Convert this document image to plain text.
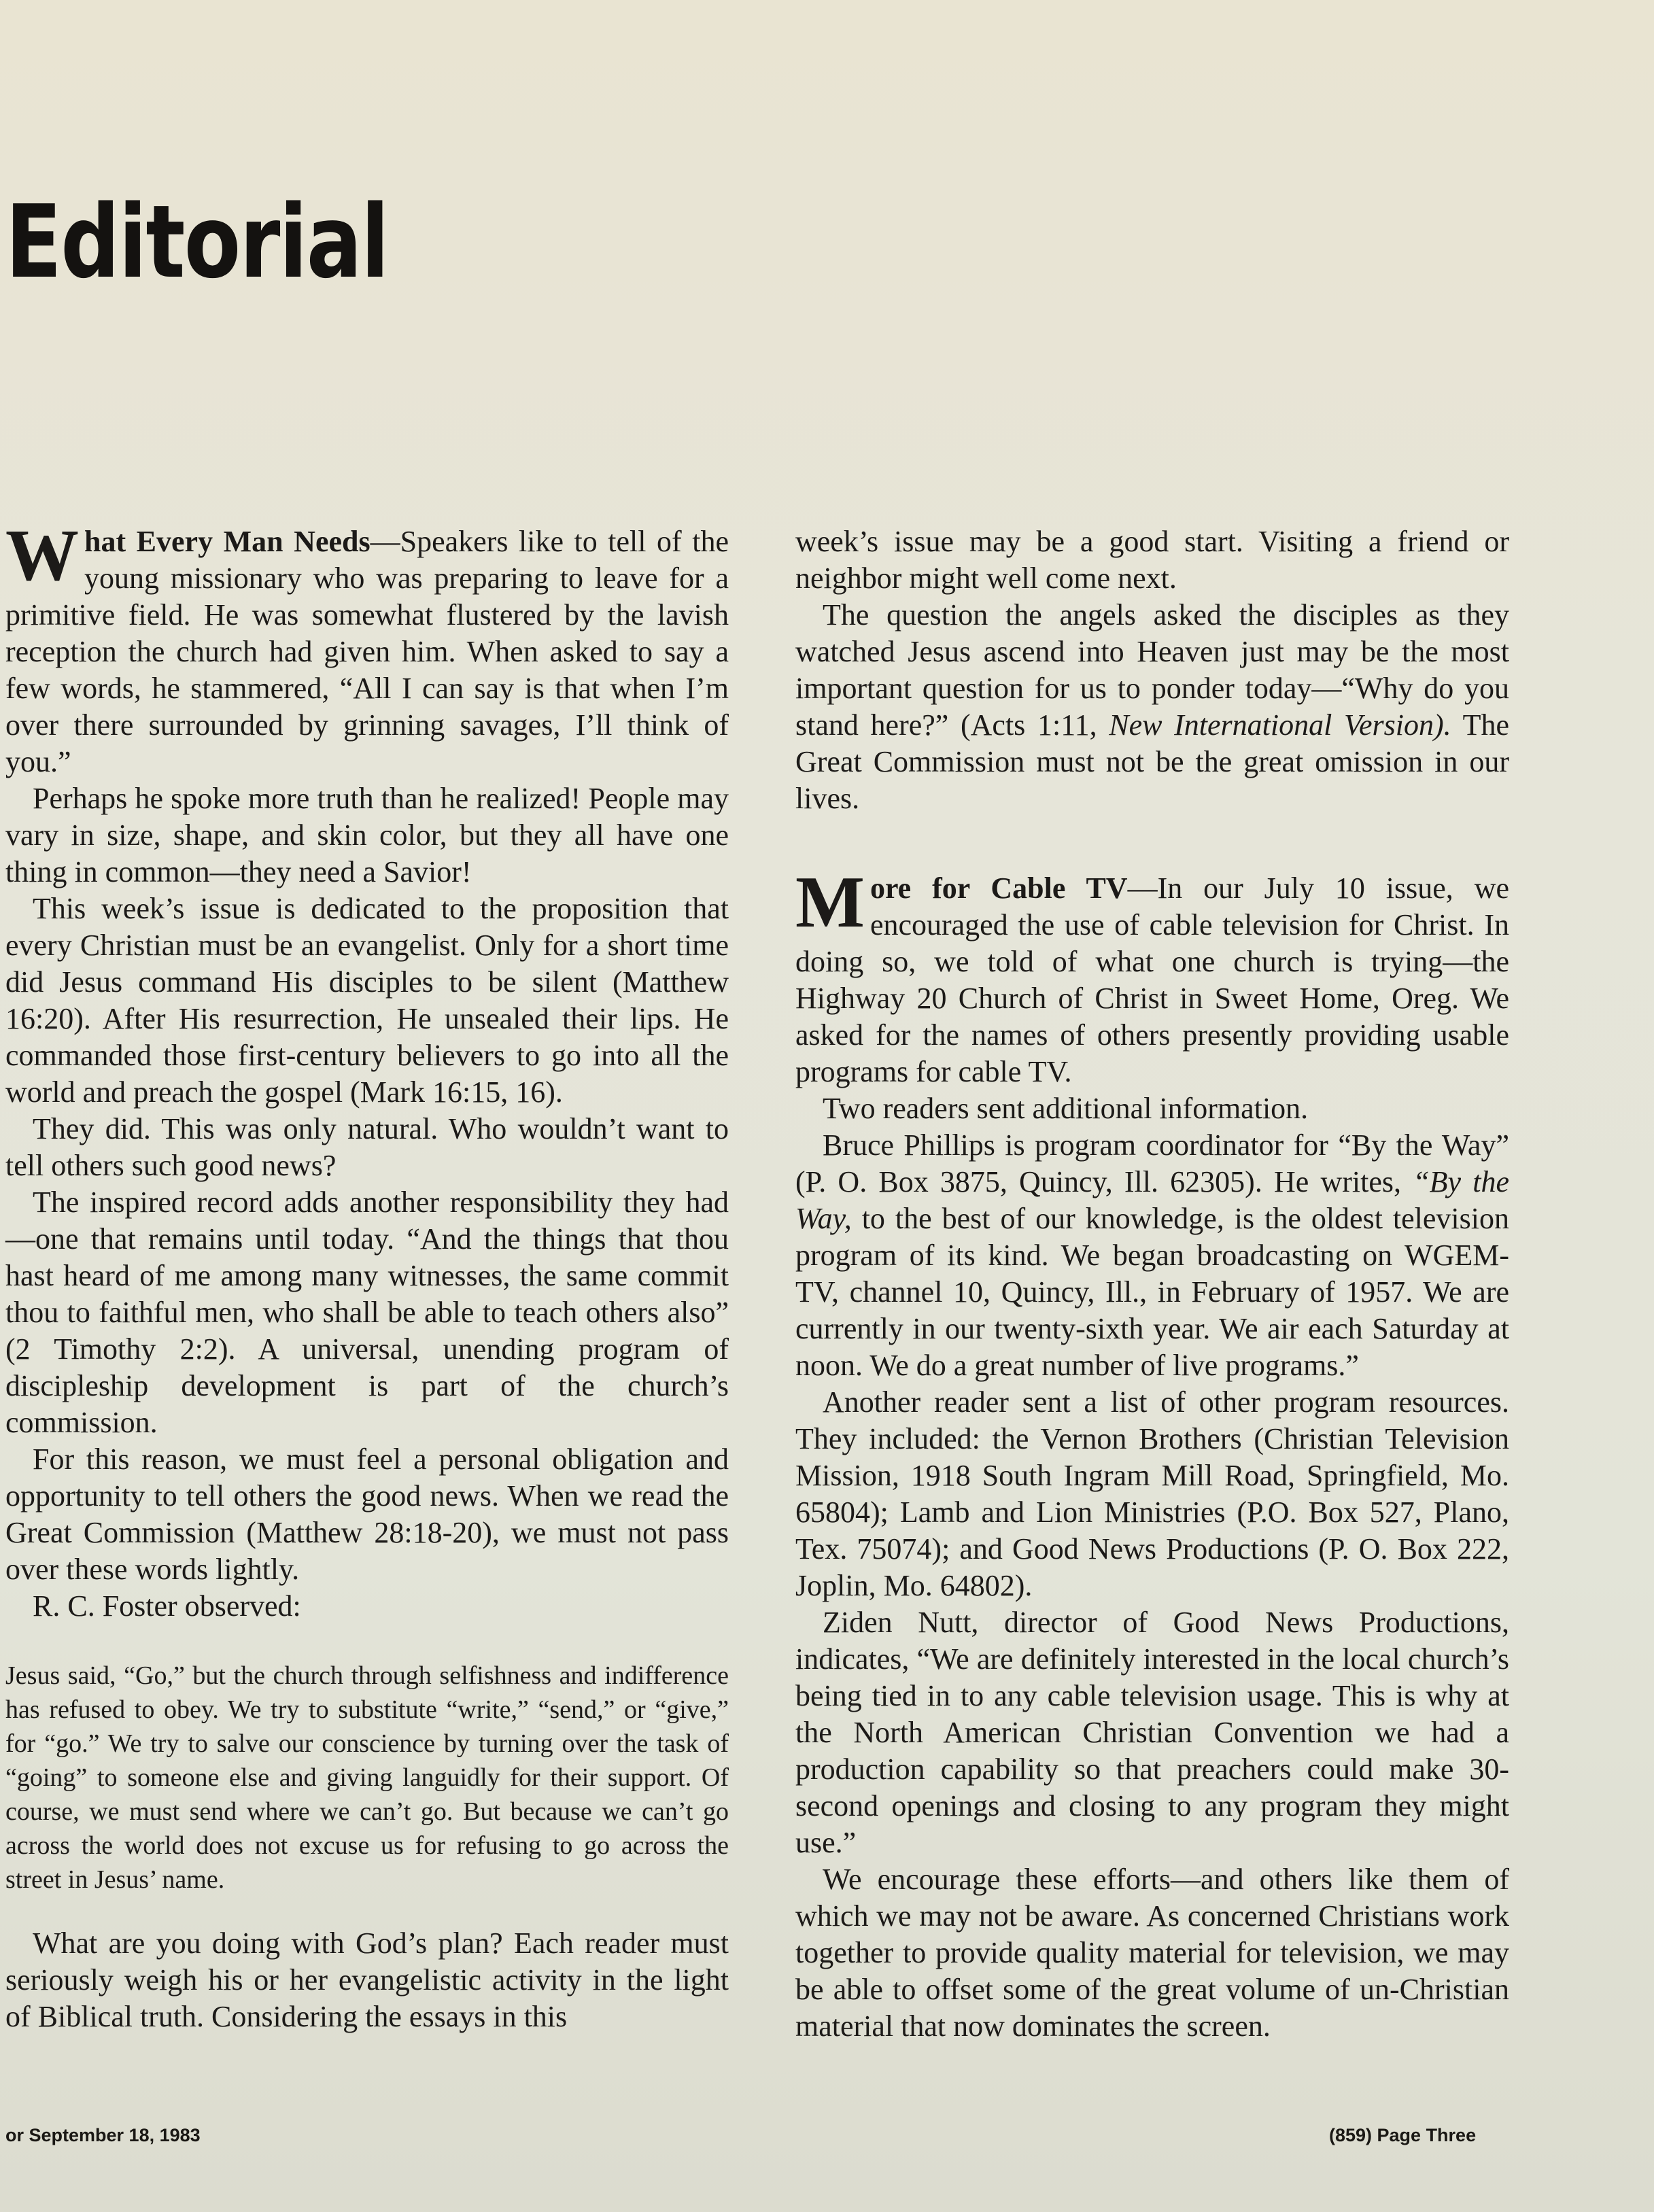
Editorial

What Every Man Needs—Speakers like to tell of the young missionary who was preparing to leave for a primitive field. He was somewhat flustered by the lavish reception the church had given him. When asked to say a few words, he stammered, “All I can say is that when I’m over there surrounded by grinning savages, I’ll think of you.”

Perhaps he spoke more truth than he realized! People may vary in size, shape, and skin color, but they all have one thing in common—they need a Savior!

This week’s issue is dedicated to the proposition that every Christian must be an evangelist. Only for a short time did Jesus command His disciples to be silent (Matthew 16:20). After His resurrection, He unsealed their lips. He commanded those first-century believers to go into all the world and preach the gospel (Mark 16:15, 16).

They did. This was only natural. Who wouldn’t want to tell others such good news?

The inspired record adds another responsibility they had—one that remains until today. “And the things that thou hast heard of me among many witnesses, the same commit thou to faithful men, who shall be able to teach others also” (2 Timothy 2:2). A universal, unending program of discipleship development is part of the church’s commission.

For this reason, we must feel a personal obligation and opportunity to tell others the good news. When we read the Great Commission (Matthew 28:18-20), we must not pass over these words lightly.

R. C. Foster observed:

Jesus said, “Go,” but the church through selfishness and indifference has refused to obey. We try to substitute “write,” “send,” or “give,” for “go.” We try to salve our conscience by turning over the task of “going” to someone else and giving languidly for their support. Of course, we must send where we can’t go. But because we can’t go across the world does not excuse us for refusing to go across the street in Jesus’ name.

What are you doing with God’s plan? Each reader must seriously weigh his or her evangelistic activity in the light of Biblical truth. Considering the essays in this

week’s issue may be a good start. Visiting a friend or neighbor might well come next.

The question the angels asked the disciples as they watched Jesus ascend into Heaven just may be the most important question for us to ponder today—“Why do you stand here?” (Acts 1:11, New International Version). The Great Commission must not be the great omission in our lives.

More for Cable TV—In our July 10 issue, we encouraged the use of cable television for Christ. In doing so, we told of what one church is trying—the Highway 20 Church of Christ in Sweet Home, Oreg. We asked for the names of others presently providing usable programs for cable TV.

Two readers sent additional information.

Bruce Phillips is program coordinator for “By the Way” (P. O. Box 3875, Quincy, Ill. 62305). He writes, “By the Way, to the best of our knowledge, is the oldest television program of its kind. We began broadcasting on WGEM-TV, channel 10, Quincy, Ill., in February of 1957. We are currently in our twenty-sixth year. We air each Saturday at noon. We do a great number of live programs.”

Another reader sent a list of other program resources. They included: the Vernon Brothers (Christian Television Mission, 1918 South Ingram Mill Road, Springfield, Mo. 65804); Lamb and Lion Ministries (P.O. Box 527, Plano, Tex. 75074); and Good News Productions (P. O. Box 222, Joplin, Mo. 64802).

Ziden Nutt, director of Good News Productions, indicates, “We are definitely interested in the local church’s being tied in to any cable television usage. This is why at the North American Christian Convention we had a production capability so that preachers could make 30-second openings and closing to any program they might use.”

We encourage these efforts—and others like them of which we may not be aware. As concerned Christians work together to provide quality material for television, we may be able to offset some of the great volume of un-Christian material that now dominates the screen.

or September 18, 1983	(859) Page Three
